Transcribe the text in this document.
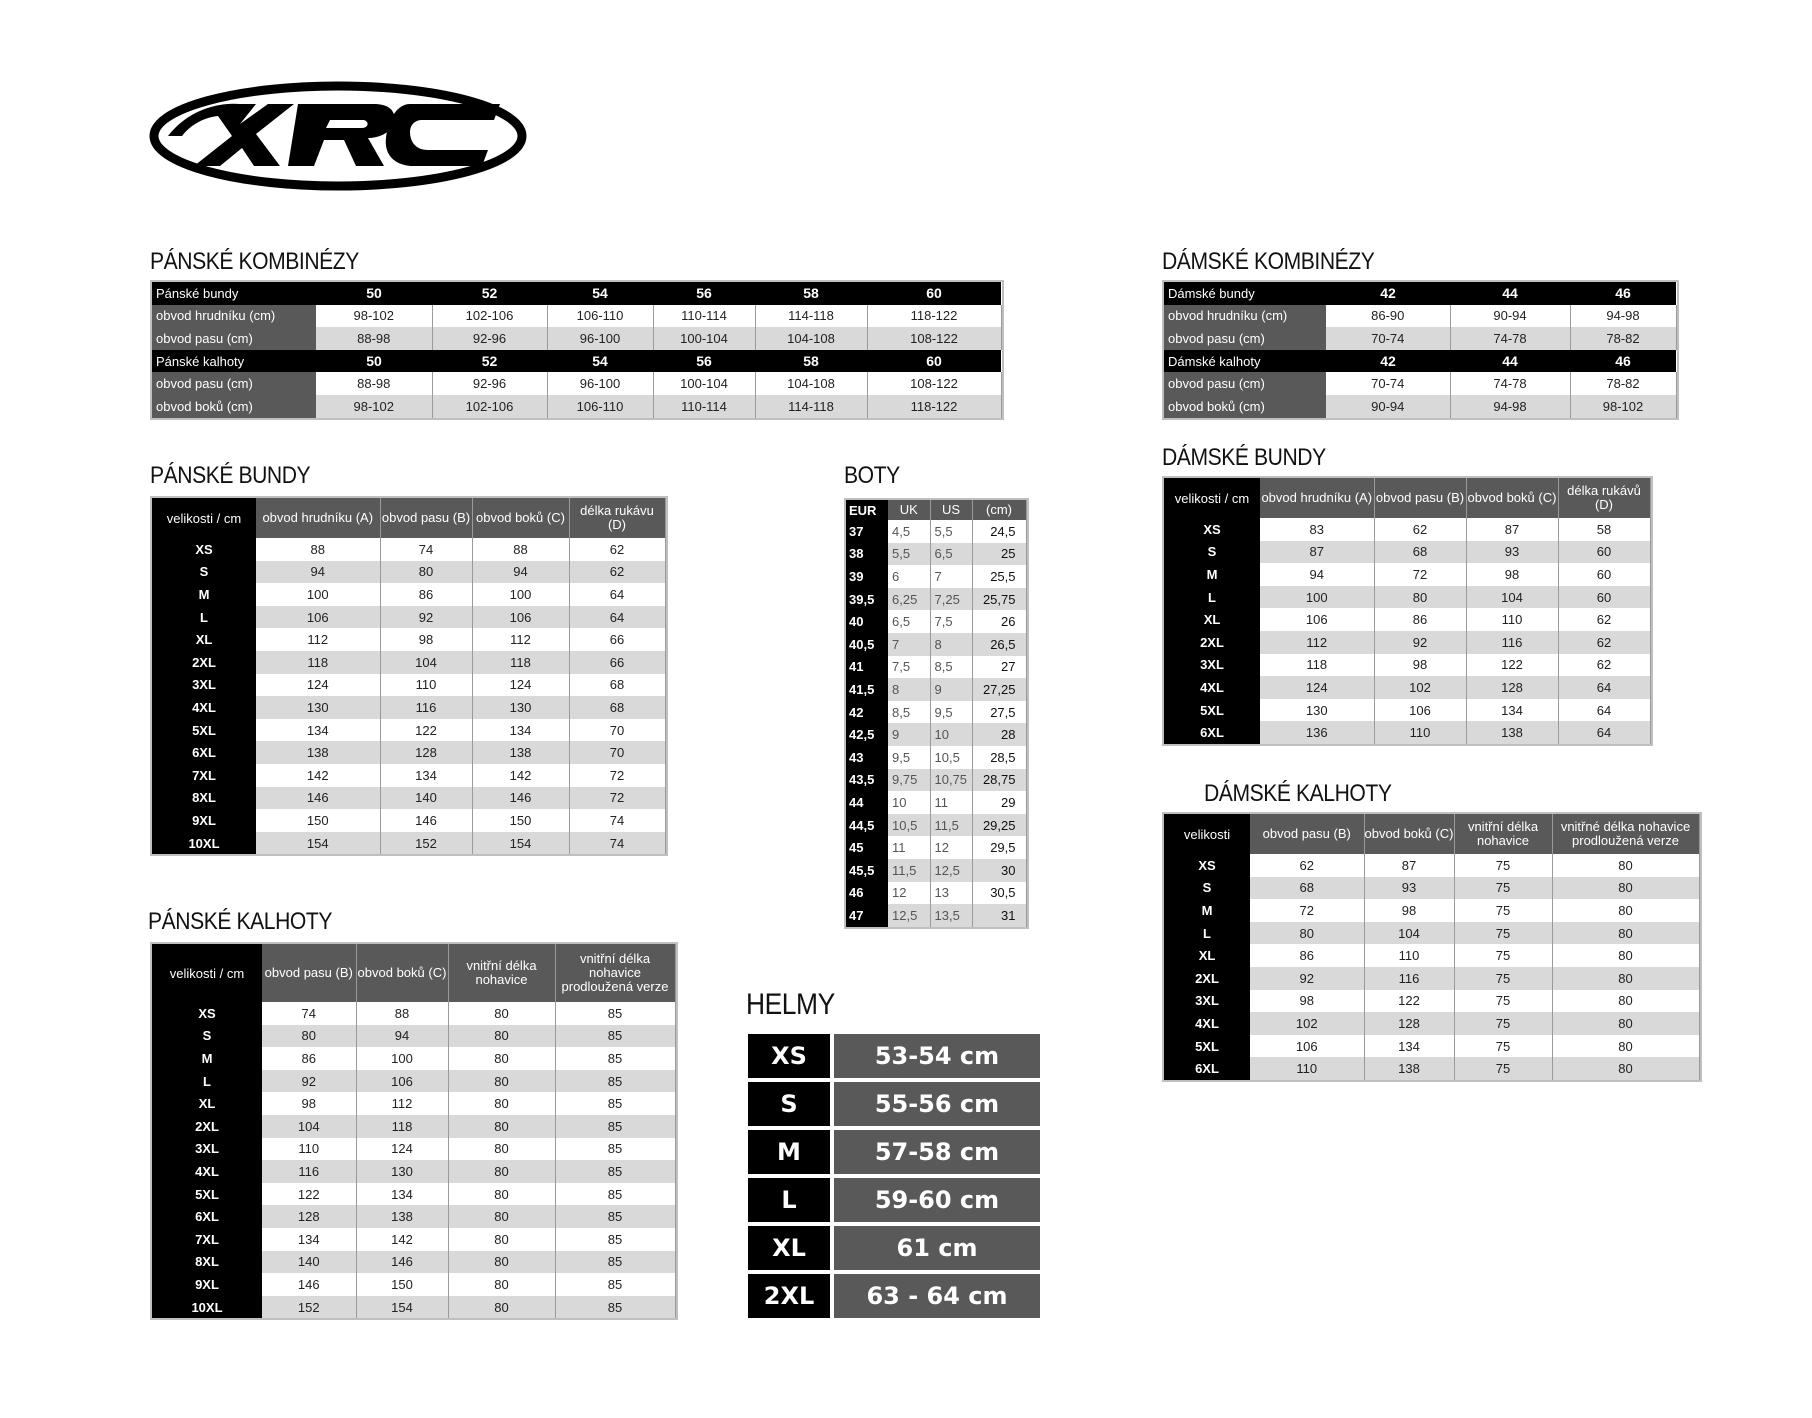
PÁNSKÉ KOMBINÉZY	DÁMSKÉ KOMBINÉZY
PÁNSKÉ BUNDY	BOTY
DÁMSKÉ BUNDY
DÁMSKÉ KALHOTY
PÁNSKÉ KALHOTY
HELMY
Pánské bundy	50	52	54	56	58	60
obvod hrudníku (cm)	98-102	102-106	106-110	110-114	114-118	118-122
obvod pasu (cm)	88-98	92-96	96-100	100-104	104-108	108-122
Pánské kalhoty	50	52	54	56	58	60
obvod pasu (cm)	88-98	92-96	96-100	100-104	104-108	108-122
obvod boků (cm)	98-102	102-106	106-110	110-114	114-118	118-122
Dámské bundy	42	44	46
obvod hrudníku (cm)	86-90	90-94	94-98
obvod pasu (cm)	70-74	74-78	78-82
Dámské kalhoty	42	44	46
obvod pasu (cm)	70-74	74-78	78-82
obvod boků (cm)	90-94	94-98	98-102
velikosti / cm	obvod hrudníku (A)	obvod pasu (B)	obvod boků (C)	délka rukávu (D)
XS	88	74	88	62
S	94	80	94	62
M	100	86	100	64
L	106	92	106	64
XL	112	98	112	66
2XL	118	104	118	66
3XL	124	110	124	68
4XL	130	116	130	68
5XL	134	122	134	70
6XL	138	128	138	70
7XL	142	134	142	72
8XL	146	140	146	72
9XL	150	146	150	74
10XL	154	152	154	74
velikosti / cm	obvod pasu (B)	obvod boků (C)	vnitřní délka nohavice	vnitřní délka nohavice prodloužená verze
XS	74	88	80	85
S	80	94	80	85
M	86	100	80	85
L	92	106	80	85
XL	98	112	80	85
2XL	104	118	80	85
3XL	110	124	80	85
4XL	116	130	80	85
5XL	122	134	80	85
6XL	128	138	80	85
7XL	134	142	80	85
8XL	140	146	80	85
9XL	146	150	80	85
10XL	152	154	80	85
velikosti / cm	obvod hrudníku (A)	obvod pasu (B)	obvod boků (C)	délka rukávů (D)
XS	83	62	87	58
S	87	68	93	60
M	94	72	98	60
L	100	80	104	60
XL	106	86	110	62
2XL	112	92	116	62
3XL	118	98	122	62
4XL	124	102	128	64
5XL	130	106	134	64
6XL	136	110	138	64
velikosti	obvod pasu (B)	obvod boků (C)	vnitřní délka nohavice	vnitřné délka nohavice prodloužená verze
XS	62	87	75	80
S	68	93	75	80
M	72	98	75	80
L	80	104	75	80
XL	86	110	75	80
2XL	92	116	75	80
3XL	98	122	75	80
4XL	102	128	75	80
5XL	106	134	75	80
6XL	110	138	75	80
EUR	UK	US	(cm)
37	4,5	5,5	24,5
38	5,5	6,5	25
39	6	7	25,5
39,5	6,25	7,25	25,75
40	6,5	7,5	26
40,5	7	8	26,5
41	7,5	8,5	27
41,5	8	9	27,25
42	8,5	9,5	27,5
42,5	9	10	28
43	9,5	10,5	28,5
43,5	9,75	10,75	28,75
44	10	11	29
44,5	10,5	11,5	29,25
45	11	12	29,5
45,5	11,5	12,5	30
46	12	13	30,5
47	12,5	13,5	31
XS	53-54 cm
S	55-56 cm
M	57-58 cm
L	59-60 cm
XL	61 cm
2XL	63 - 64 cm
